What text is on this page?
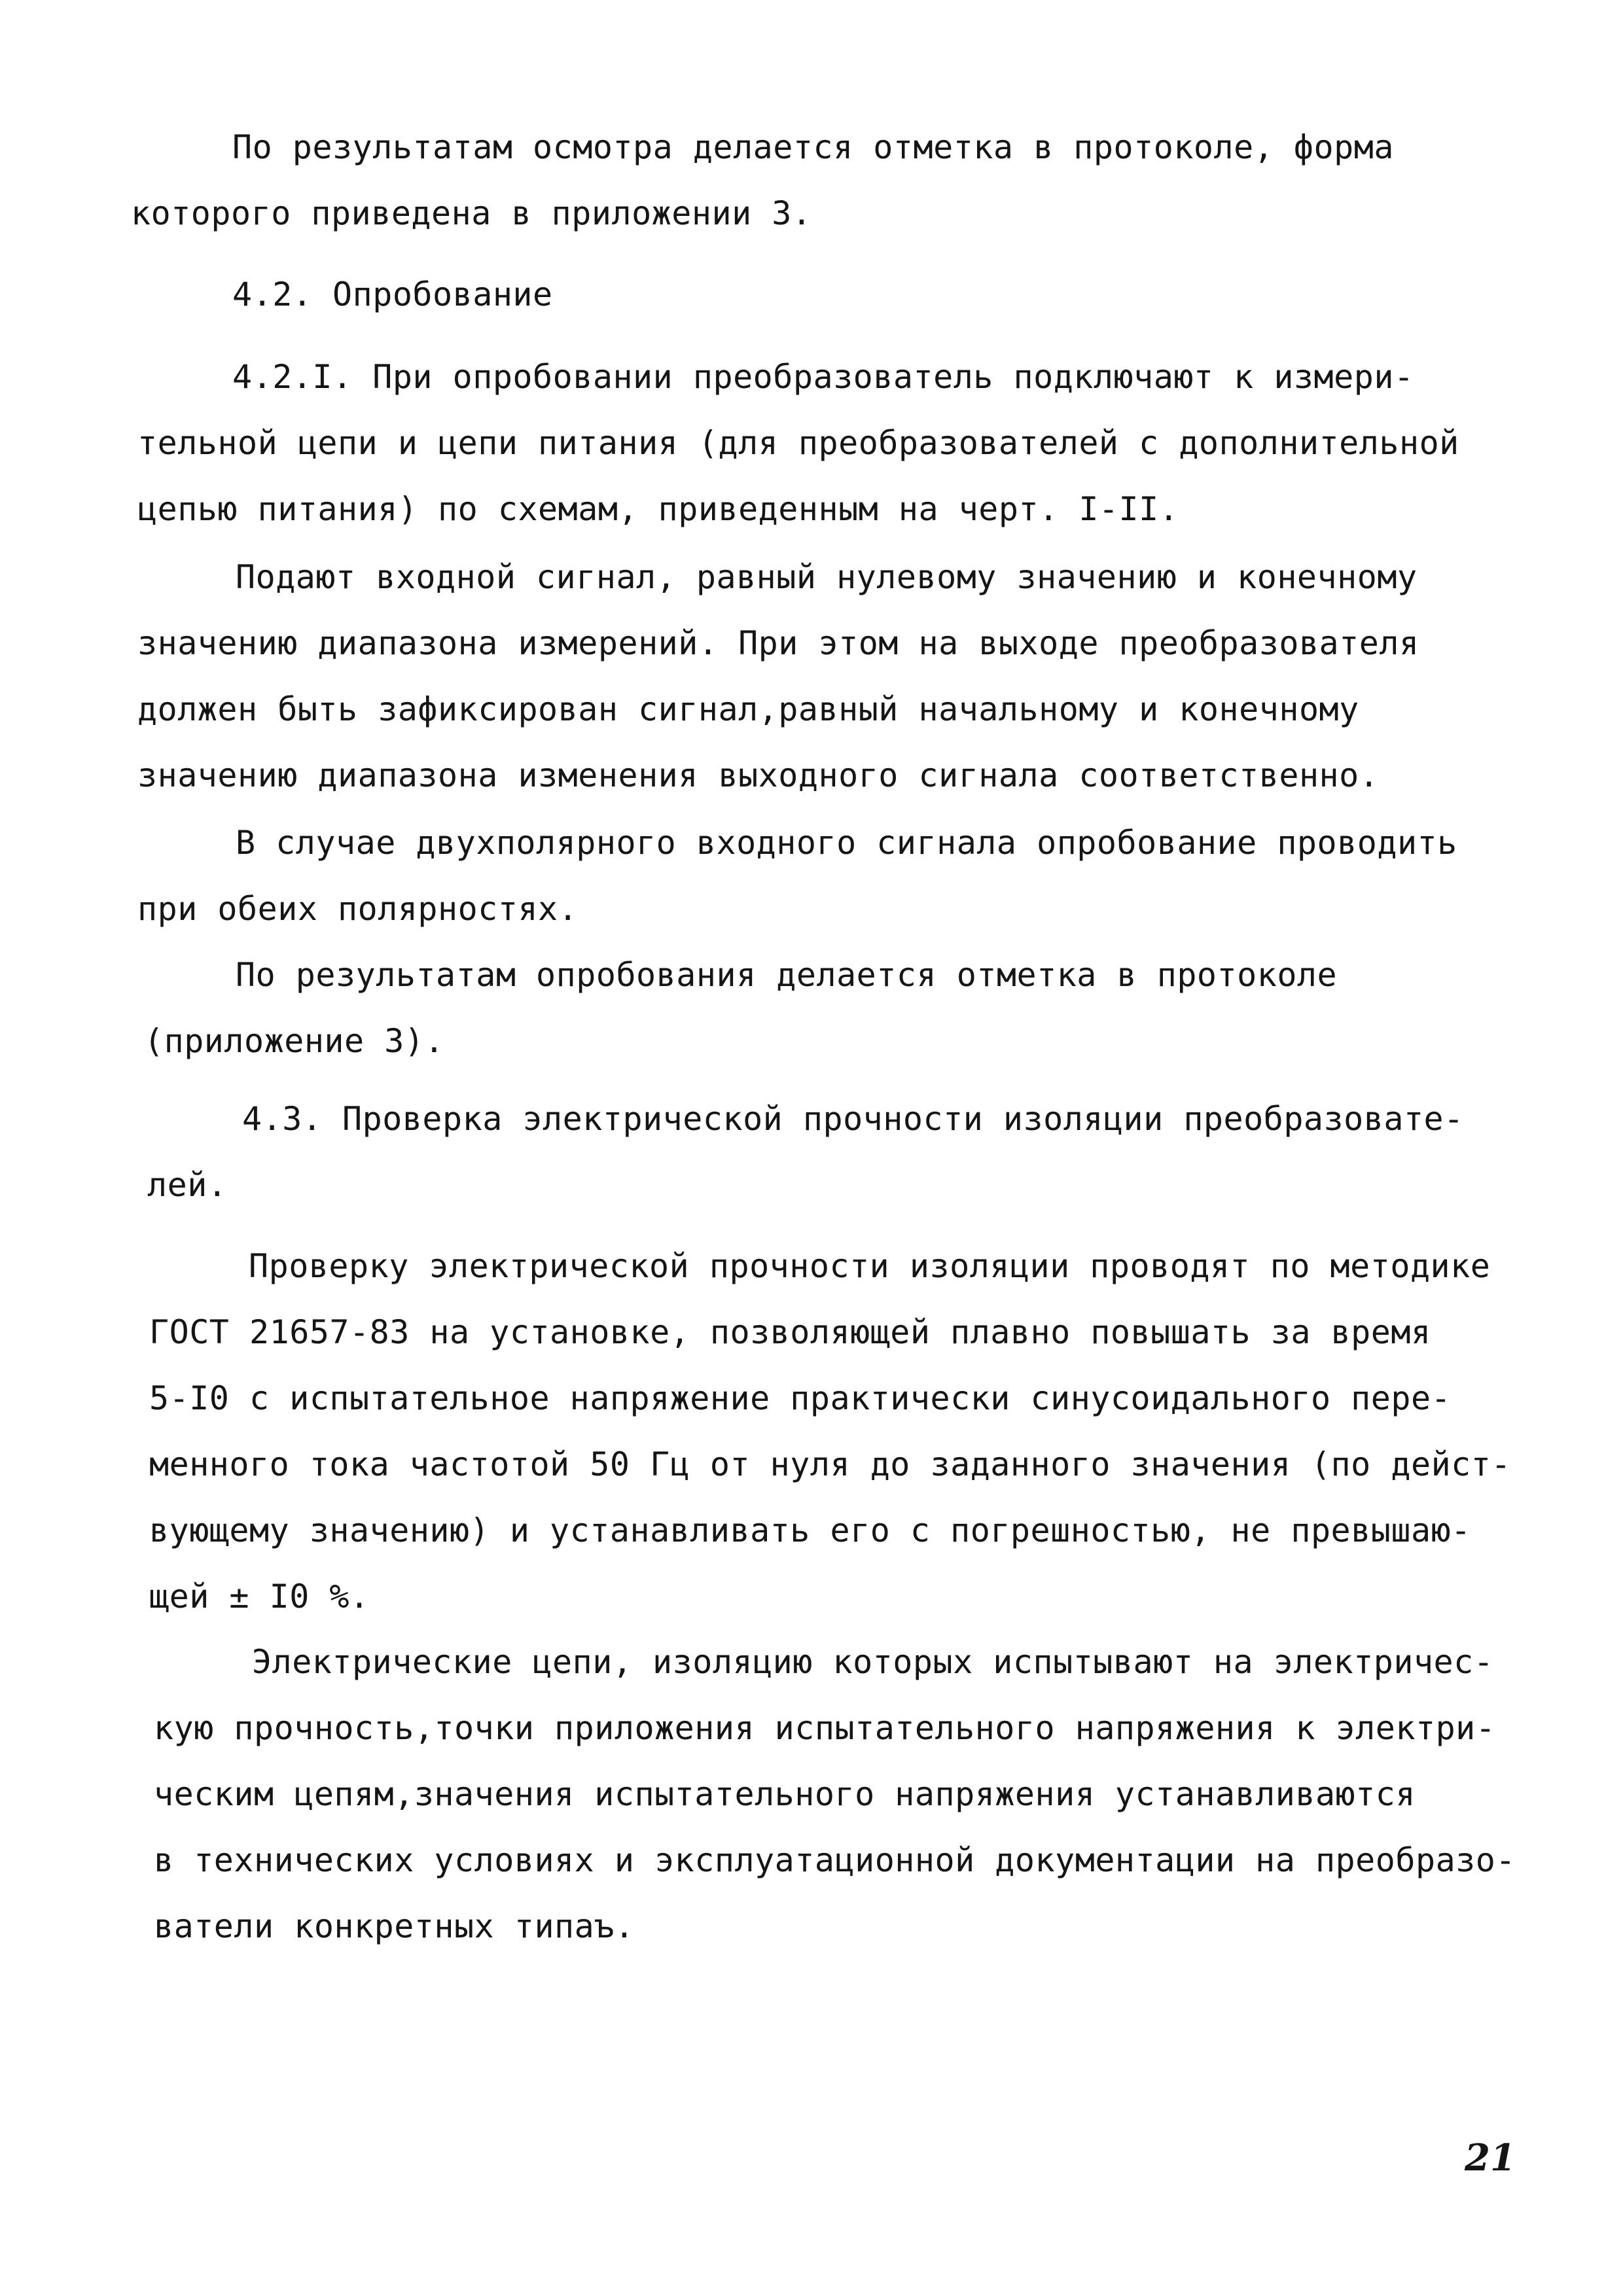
По результатам осмотра делается отметка в протоколе, форма
которого приведена в приложении 3.
4.2. Опробование
4.2.I. При опробовании преобразователь подключают к измери-
тельной цепи и цепи питания (для преобразователей с дополнительной
цепью питания) по схемам, приведенным на черт. I-II.
Подают входной сигнал, равный нулевому значению и конечному
значению диапазона измерений. При этом на выходе преобразователя
должен быть зафиксирован сигнал,равный начальному и конечному
значению диапазона изменения выходного сигнала соответственно.
В случае двухполярного входного сигнала опробование проводить
при обеих полярностях.
По результатам опробования делается отметка в протоколе
(приложение 3).
4.3. Проверка электрической прочности изоляции преобразовате-
лей.
Проверку электрической прочности изоляции проводят по методике
ГОСТ 21657-83 на установке, позволяющей плавно повышать за время
5-I0 с испытательное напряжение практически синусоидального пере-
менного тока частотой 50 Гц от нуля до заданного значения (по дейст-
вующему значению) и устанавливать его с погрешностью, не превышаю-
щей ± I0 %.
Электрические цепи, изоляцию которых испытывают на электричес-
кую прочность,точки приложения испытательного напряжения к электри-
ческим цепям,значения испытательного напряжения устанавливаются
в технических условиях и эксплуатационной документации на преобразо-
ватели конкретных типаъ.
21
